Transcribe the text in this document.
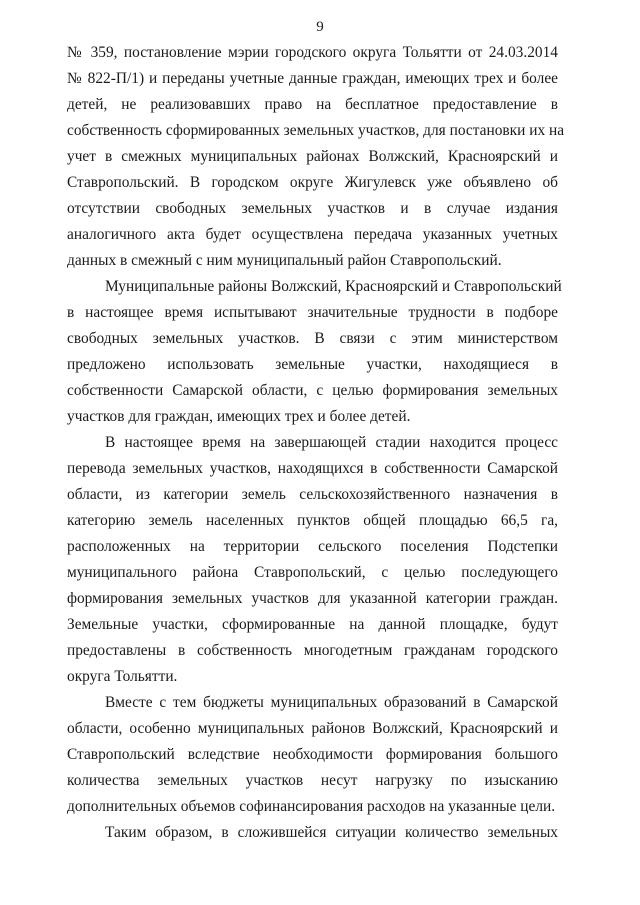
9
№ 359, постановление мэрии городского округа Тольятти от 24.03.2014
№ 822-П/1) и переданы учетные данные граждан, имеющих трех и более
детей, не реализовавших право на бесплатное предоставление в
собственность сформированных земельных участков, для постановки их на
учет в смежных муниципальных районах Волжский, Красноярский и
Ставропольский. В городском округе Жигулевск уже объявлено об
отсутствии свободных земельных участков и в случае издания
аналогичного акта будет осуществлена передача указанных учетных
данных в смежный с ним муниципальный район Ставропольский.
Муниципальные районы Волжский, Красноярский и Ставропольский
в настоящее время испытывают значительные трудности в подборе
свободных земельных участков. В связи с этим министерством
предложено использовать земельные участки, находящиеся в
собственности Самарской области, с целью формирования земельных
участков для граждан, имеющих трех и более детей.
В настоящее время на завершающей стадии находится процесс
перевода земельных участков, находящихся в собственности Самарской
области, из категории земель сельскохозяйственного назначения в
категорию земель населенных пунктов общей площадью 66,5 га,
расположенных на территории сельского поселения Подстепки
муниципального района Ставропольский, с целью последующего
формирования земельных участков для указанной категории граждан.
Земельные участки, сформированные на данной площадке, будут
предоставлены в собственность многодетным гражданам городского
округа Тольятти.
Вместе с тем бюджеты муниципальных образований в Самарской
области, особенно муниципальных районов Волжский, Красноярский и
Ставропольский вследствие необходимости формирования большого
количества земельных участков несут нагрузку по изысканию
дополнительных объемов софинансирования расходов на указанные цели.
Таким образом, в сложившейся ситуации количество земельных
